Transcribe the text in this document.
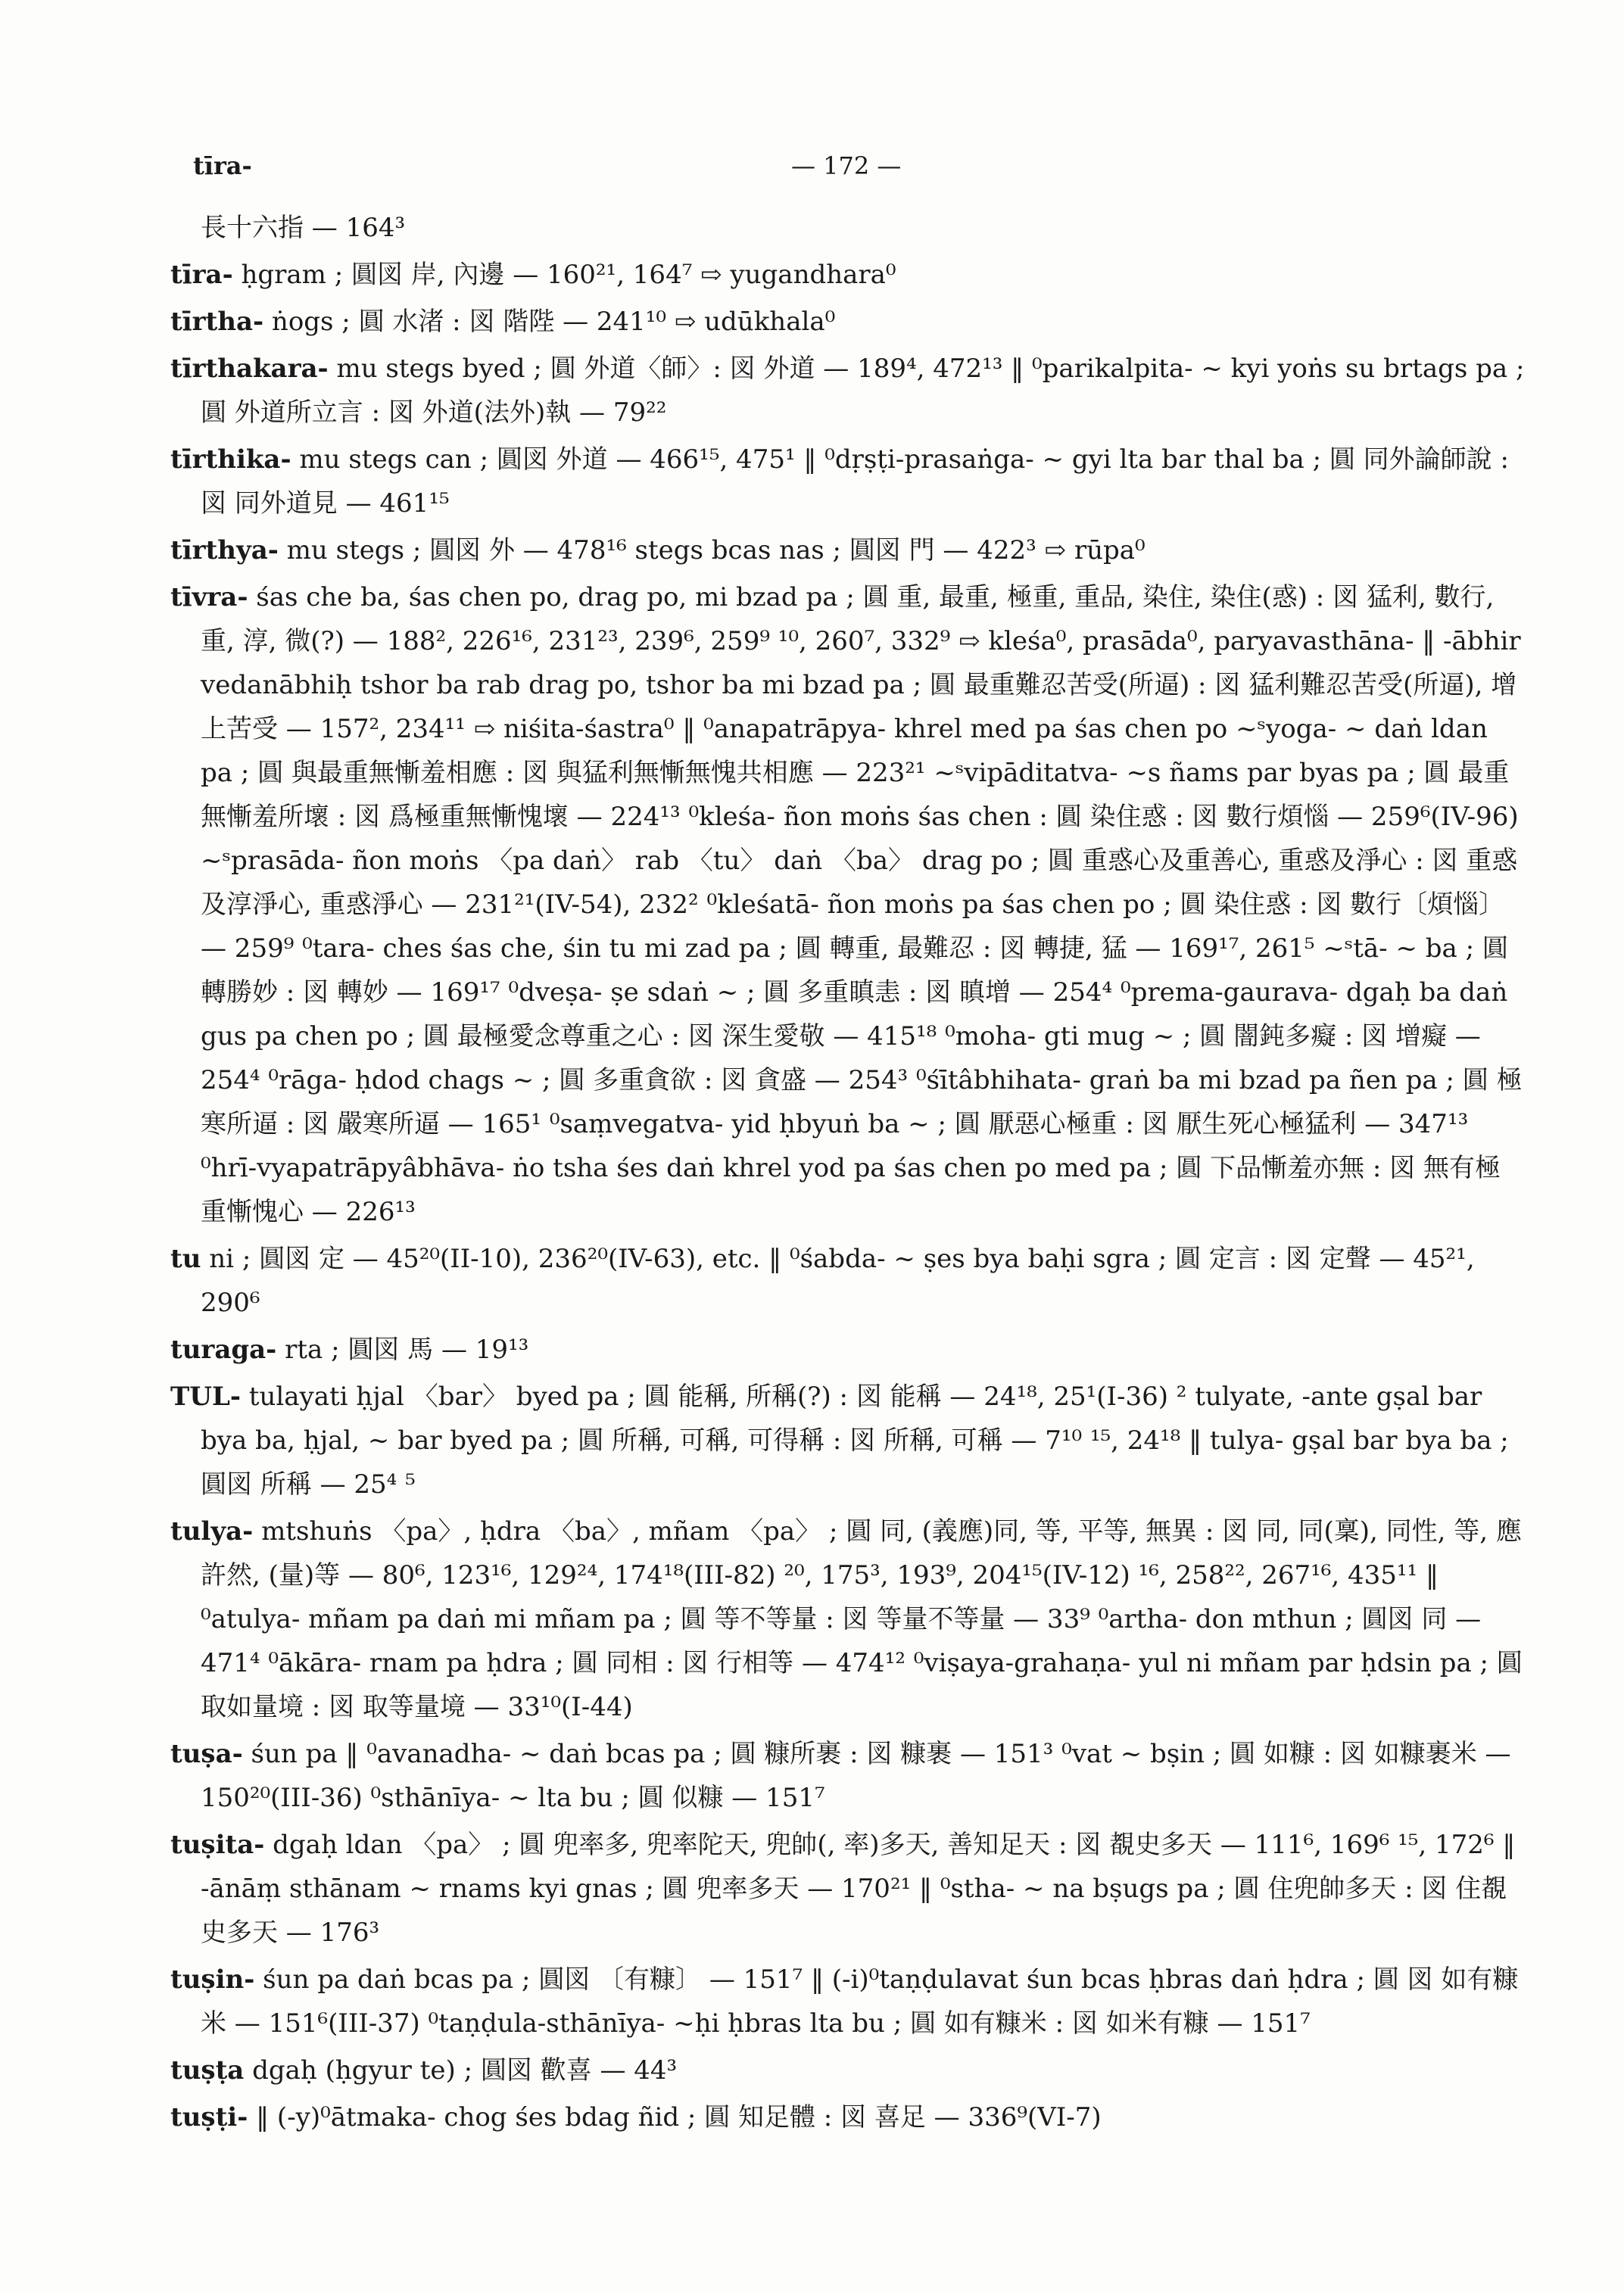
tīra-	— 172 —

長十六指 — 164³

tīra- ḥgram ; 圓図 岸, 內邊 — 160²¹, 164⁷ ⇨ yugandhara⁰

tīrtha- ṅogs ; 圓 水渚 : 図 階陛 — 241¹⁰ ⇨ udūkhala⁰

tīrthakara- mu stegs byed ; 圓 外道〈師〉: 図 外道 — 189⁴, 472¹³ ‖ ⁰parikalpita- ~ kyi yoṅs su brtags pa ; 圓 外道所立言 : 図 外道(法外)執 — 79²²

tīrthika- mu stegs can ; 圓図 外道 — 466¹⁵, 475¹ ‖ ⁰dṛṣṭi-prasaṅga- ~ gyi lta bar thal ba ; 圓 同外論師說 : 図 同外道見 — 461¹⁵

tīrthya- mu stegs ; 圓図 外 — 478¹⁶ stegs bcas nas ; 圓図 門 — 422³ ⇨ rūpa⁰

tīvra- śas che ba, śas chen po, drag po, mi bzad pa ; 圓 重, 最重, 極重, 重品, 染住, 染住(惑) : 図 猛利, 數行, 重, 淳, 微(?) — 188², 226¹⁶, 231²³, 239⁶, 259⁹ ¹⁰, 260⁷, 332⁹ ⇨ kleśa⁰, prasāda⁰, paryavasthāna- ‖ -ābhir vedanābhiḥ tshor ba rab drag po, tshor ba mi bzad pa ; 圓 最重難忍苦受(所逼) : 図 猛利難忍苦受(所逼), 增上苦受 — 157², 234¹¹ ⇨ niśita-śastra⁰ ‖ ⁰anapatrāpya- khrel med pa śas chen po ~ˢyoga- ~ daṅ ldan pa ; 圓 與最重無慚羞相應 : 図 與猛利無慚無愧共相應 — 223²¹ ~ˢvipāditatva- ~s ñams par byas pa ; 圓 最重無慚羞所壞 : 図 爲極重無慚愧壞 — 224¹³ ⁰kleśa- ñon moṅs śas chen : 圓 染住惑 : 図 數行煩惱 — 259⁶(IV-96) ~ˢprasāda- ñon moṅs 〈pa daṅ〉 rab 〈tu〉 daṅ 〈ba〉 drag po ; 圓 重惑心及重善心, 重惑及淨心 : 図 重惑及淳淨心, 重惑淨心 — 231²¹(IV-54), 232² ⁰kleśatā- ñon moṅs pa śas chen po ; 圓 染住惑 : 図 數行〔煩惱〕 — 259⁹ ⁰tara- ches śas che, śin tu mi zad pa ; 圓 轉重, 最難忍 : 図 轉捷, 猛 — 169¹⁷, 261⁵ ~ˢtā- ~ ba ; 圓 轉勝妙 : 図 轉妙 — 169¹⁷ ⁰dveṣa- ṣe sdaṅ ~ ; 圓 多重瞋恚 : 図 瞋增 — 254⁴ ⁰prema-gaurava- dgaḥ ba daṅ gus pa chen po ; 圓 最極愛念尊重之心 : 図 深生愛敬 — 415¹⁸ ⁰moha- gti mug ~ ; 圓 闇鈍多癡 : 図 增癡 — 254⁴ ⁰rāga- ḥdod chags ~ ; 圓 多重貪欲 : 図 貪盛 — 254³ ⁰śītâbhihata- graṅ ba mi bzad pa ñen pa ; 圓 極寒所逼 : 図 嚴寒所逼 — 165¹ ⁰saṃvegatva- yid ḥbyuṅ ba ~ ; 圓 厭惡心極重 : 図 厭生死心極猛利 — 347¹³ ⁰hrī-vyapatrāpyâbhāva- ṅo tsha śes daṅ khrel yod pa śas chen po med pa ; 圓 下品慚羞亦無 : 図 無有極重慚愧心 — 226¹³

tu ni ; 圓図 定 — 45²⁰(II-10), 236²⁰(IV-63), etc. ‖ ⁰śabda- ~ ṣes bya baḥi sgra ; 圓 定言 : 図 定聲 — 45²¹, 290⁶

turaga- rta ; 圓図 馬 — 19¹³

TUL- tulayati ḥjal 〈bar〉 byed pa ; 圓 能稱, 所稱(?) : 図 能稱 — 24¹⁸, 25¹(I-36) ² tulyate, -ante gṣal bar bya ba, ḥjal, ~ bar byed pa ; 圓 所稱, 可稱, 可得稱 : 図 所稱, 可稱 — 7¹⁰ ¹⁵, 24¹⁸ ‖ tulya- gṣal bar bya ba ; 圓図 所稱 — 25⁴ ⁵

tulya- mtshuṅs 〈pa〉, ḥdra 〈ba〉, mñam 〈pa〉 ; 圓 同, (義應)同, 等, 平等, 無異 : 図 同, 同(稟), 同性, 等, 應許然, (量)等 — 80⁶, 123¹⁶, 129²⁴, 174¹⁸(III-82) ²⁰, 175³, 193⁹, 204¹⁵(IV-12) ¹⁶, 258²², 267¹⁶, 435¹¹ ‖ ⁰atulya- mñam pa daṅ mi mñam pa ; 圓 等不等量 : 図 等量不等量 — 33⁹ ⁰artha- don mthun ; 圓図 同 — 471⁴ ⁰ākāra- rnam pa ḥdra ; 圓 同相 : 図 行相等 — 474¹² ⁰viṣaya-grahaṇa- yul ni mñam par ḥdsin pa ; 圓 取如量境 : 図 取等量境 — 33¹⁰(I-44)

tuṣa- śun pa ‖ ⁰avanadha- ~ daṅ bcas pa ; 圓 糠所裹 : 図 糠裹 — 151³ ⁰vat ~ bṣin ; 圓 如糠 : 図 如糠裹米 — 150²⁰(III-36) ⁰sthānīya- ~ lta bu ; 圓 似糠 — 151⁷

tuṣita- dgaḥ ldan 〈pa〉 ; 圓 兜率多, 兜率陀天, 兜帥(, 率)多天, 善知足天 : 図 覩史多天 — 111⁶, 169⁶ ¹⁵, 172⁶ ‖ -ānāṃ sthānam ~ rnams kyi gnas ; 圓 兜率多天 — 170²¹ ‖ ⁰stha- ~ na bṣugs pa ; 圓 住兜帥多天 : 図 住覩史多天 — 176³

tuṣin- śun pa daṅ bcas pa ; 圓図 〔有糠〕 — 151⁷ ‖ (-i)⁰taṇḍulavat śun bcas ḥbras daṅ ḥdra ; 圓 図 如有糠米 — 151⁶(III-37) ⁰taṇḍula-sthānīya- ~ḥi ḥbras lta bu ; 圓 如有糠米 : 図 如米有糠 — 151⁷

tuṣṭa dgaḥ (ḥgyur te) ; 圓図 歡喜 — 44³

tuṣṭi- ‖ (-y)⁰ātmaka- chog śes bdag ñid ; 圓 知足體 : 図 喜足 — 336⁹(VI-7)
